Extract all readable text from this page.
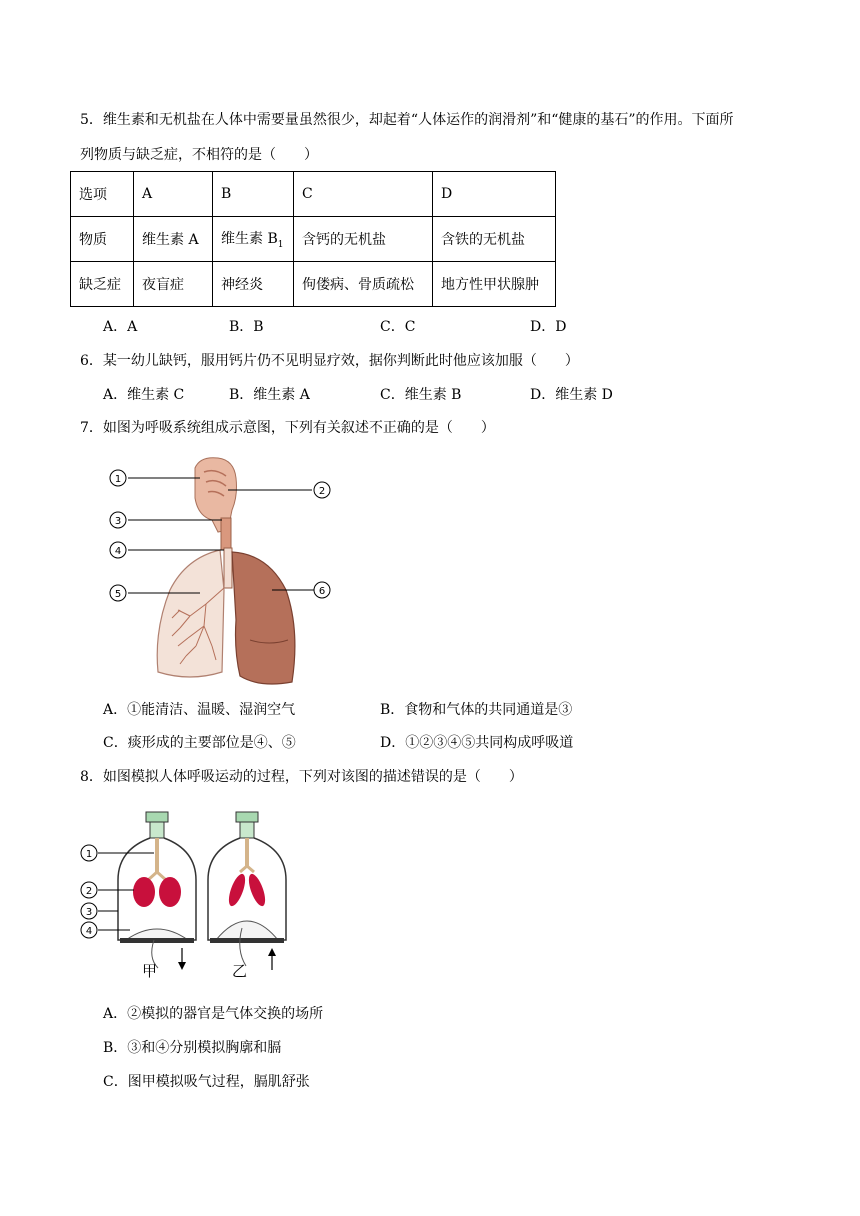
5．维生素和无机盐在人体中需要量虽然很少，却起着“人体运作的润滑剂”和“健康的基石”的作用。下面所
列物质与缺乏症，不相符的是（　　）
选项	A	B	C	D
物质	维生素 A	维生素 $B_1$	含钙的无机盐	含铁的无机盐
缺乏症	夜盲症	神经炎	佝偻病、骨质疏松	地方性甲状腺肿
A．A	B．B	C．C	D．D
6．某一幼儿缺钙，服用钙片仍不见明显疗效，据你判断此时他应该加服（　　）
A．维生素 C	B．维生素 A	C．维生素 B	D．维生素 D
7．如图为呼吸系统组成示意图，下列有关叙述不正确的是（　　）
1
2
3
4
5	6
A．①能清洁、温暖、湿润空气	B．食物和气体的共同通道是③
C．痰形成的主要部位是④、⑤	D．①②③④⑤共同构成呼吸道
8．如图模拟人体呼吸运动的过程，下列对该图的描述错误的是（　　）
1
2
3
4
甲	乙
A．②模拟的器官是气体交换的场所
B．③和④分别模拟胸廓和膈
C．图甲模拟吸气过程，膈肌舒张
